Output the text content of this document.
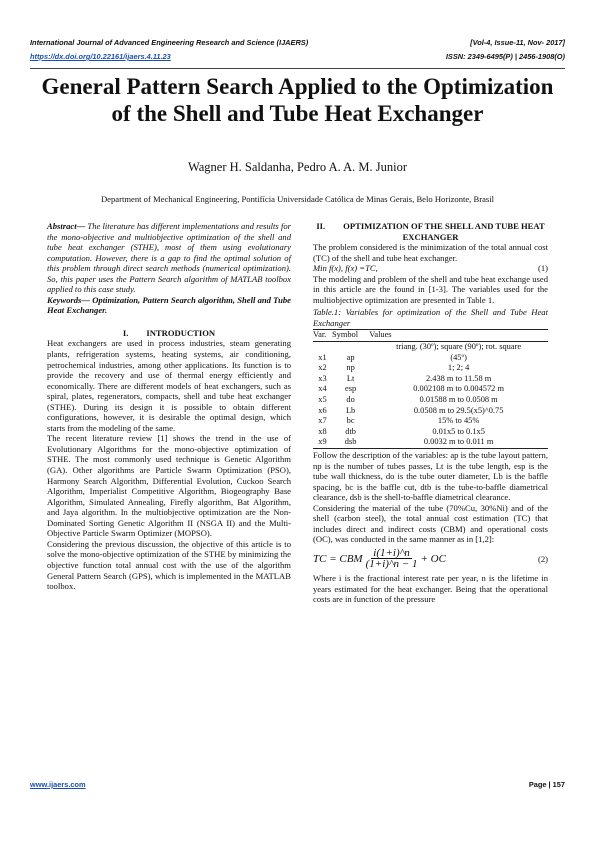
International Journal of Advanced Engineering Research and Science (IJAERS)	[Vol-4, Issue-11, Nov- 2017]
https://dx.doi.org/10.22161/ijaers.4.11.23	ISSN: 2349-6495(P) | 2456-1908(O)
General Pattern Search Applied to the Optimization of the Shell and Tube Heat Exchanger
Wagner H. Saldanha, Pedro A. A. M. Junior
Department of Mechanical Engineering, Pontifícia Universidade Católica de Minas Gerais, Belo Horizonte, Brasil

Abstract— The literature has different implementations and results for the mono-objective and multiobjective optimization of the shell and tube heat exchanger (STHE), most of them using evolutionary computation. However, there is a gap to find the optimal solution of this problem through direct search methods (numerical optimization). So, this paper uses the Pattern Search algorithm of MATLAB toolbox applied to this case study.

Keywords— Optimization, Pattern Search algorithm, Shell and Tube Heat Exchanger.

I. INTRODUCTION

Heat exchangers are used in process industries, steam generating plants, refrigeration systems, heating systems, air conditioning, petrochemical industries, among other applications. Its function is to provide the recovery and use of thermal energy efficiently and economically. There are different models of heat exchangers, such as spiral, plates, regenerators, compacts, shell and tube heat exchanger (STHE). During its design it is possible to obtain different configurations, however, it is desirable the optimal design, which starts from the modeling of the same.

The recent literature review [1] shows the trend in the use of Evolutionary Algorithms for the mono-objective optimization of STHE. The most commonly used technique is Genetic Algorithm (GA). Other algorithms are Particle Swarm Optimization (PSO), Harmony Search Algorithm, Differential Evolution, Cuckoo Search Algorithm, Imperialist Competitive Algorithm, Biogeography Base Algorithm, Simulated Annealing, Firefly algorithm, Bat Algorithm, and Jaya algorithm. In the multiobjective optimization are the Non-Dominated Sorting Genetic Algorithm II (NSGA II) and the Multi-Objective Particle Swarm Optimizer (MOPSO).

Considering the previous discussion, the objective of this article is to solve the mono-objective optimization of the STHE by minimizing the objective function total annual cost with the use of the algorithm General Pattern Search (GPS), which is implemented in the MATLAB toolbox.

II. OPTIMIZATION OF THE SHELL AND TUBE HEAT EXCHANGER

The problem considered is the minimization of the total annual cost (TC) of the shell and tube heat exchanger.

Min f(x), f(x) =TC,	(1)

The modeling and problem of the shell and tube heat exchange used in this article are the found in [1-3]. The variables used for the multiobjective optimization are presented in Table 1.

Table.1: Variables for optimization of the Shell and Tube Heat Exchanger

Var.	Symbol	Values
		triang. (30º); square (90º); rot. square
x1	ap	(45º)
x2	np	1; 2; 4
x3	Lt	2.438 m to 11.58 m
x4	esp	0.002108 m to 0.004572 m
x5	do	0.01588 m to 0.0508 m
x6	Lb	0.0508 m to 29.5(x5)^0.75
x7	bc	15% to 45%
x8	dtb	0.01x5 to 0.1x5
x9	dsb	0.0032 m to 0.011 m

Follow the description of the variables: ap is the tube layout pattern, np is the number of tubes passes, Lt is the tube length, esp is the tube wall thickness, do is the tube outer diameter, Lb is the baffle spacing, bc is the baffle cut, dtb is the tube-to-baffle diametrical clearance, dsb is the shell-to-baffle diametrical clearance.

Considering the material of the tube (70%Cu, 30%Ni) and of the shell (carbon steel), the total annual cost estimation (TC) that includes direct and indirect costs (CBM) and operational costs (OC), was conducted in the same manner as in [1,2]:

TC = CBM $\frac{i(1+i)\^{}n}{(1+i)\^{}n - 1}$ + OC	(2)

Where i is the fractional interest rate per year, n is the lifetime in years estimated for the heat exchanger. Being that the operational costs are in function of the pressure

www.ijaers.com	Page | 157
